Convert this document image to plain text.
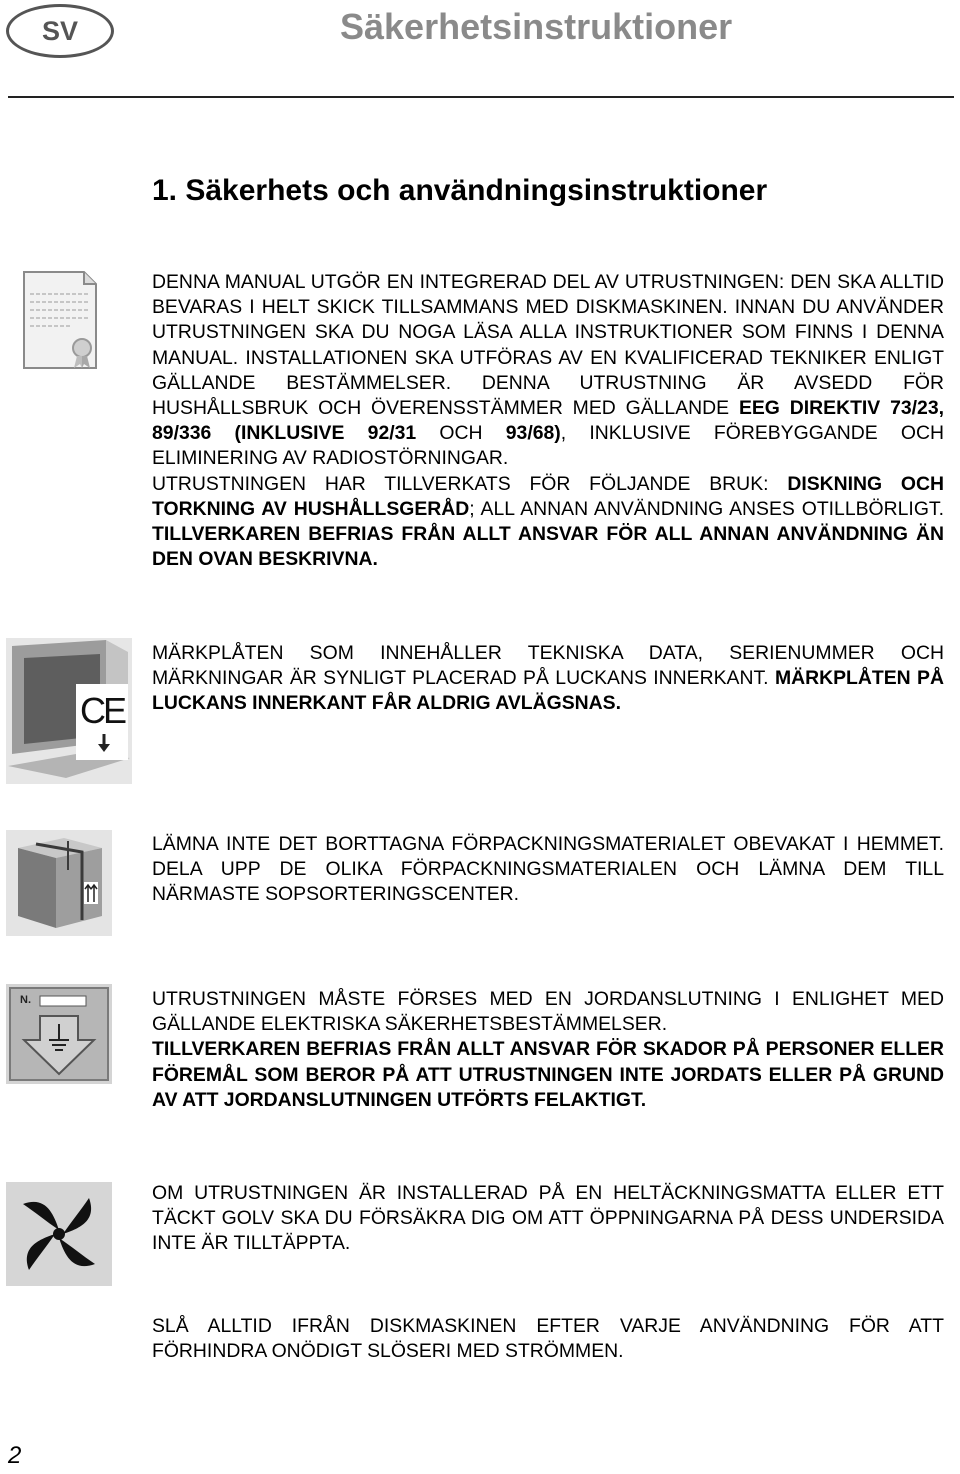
SV	Säkerhetsinstruktioner
1. Säkerhets och användningsinstruktioner

DENNA MANUAL UTGÖR EN INTEGRERAD DEL AV UTRUSTNINGEN: DEN SKA ALLTID BEVARAS I HELT SKICK TILLSAMMANS MED DISKMASKINEN. INNAN DU ANVÄNDER UTRUSTNINGEN SKA DU NOGA LÄSA ALLA INSTRUKTIONER SOM FINNS I DENNA MANUAL. INSTALLATIONEN SKA UTFÖRAS AV EN KVALIFICERAD TEKNIKER ENLIGT GÄLLANDE BESTÄMMELSER. DENNA UTRUSTNING ÄR AVSEDD FÖR HUSHÅLLSBRUK OCH ÖVERENSSTÄMMER MED GÄLLANDE EEG DIREKTIV 73/23, 89/336 (INKLUSIVE 92/31 OCH 93/68), INKLUSIVE FÖREBYGGANDE OCH ELIMINERING AV RADIOSTÖRNINGAR.
UTRUSTNINGEN HAR TILLVERKATS FÖR FÖLJANDE BRUK: DISKNING OCH TORKNING AV HUSHÅLLSGERÅD; ALL ANNAN ANVÄNDNING ANSES OTILLBÖRLIGT. TILLVERKAREN BEFRIAS FRÅN ALLT ANSVAR FÖR ALL ANNAN ANVÄNDNING ÄN DEN OVAN BESKRIVNA.

CE

MÄRKPLÅTEN SOM INNEHÅLLER TEKNISKA DATA, SERIENUMMER OCH MÄRKNINGAR ÄR SYNLIGT PLACERAD PÅ LUCKANS INNERKANT. MÄRKPLÅTEN PÅ LUCKANS INNERKANT FÅR ALDRIG AVLÄGSNAS.

LÄMNA INTE DET BORTTAGNA FÖRPACKNINGSMATERIALET OBEVAKAT I HEMMET. DELA UPP DE OLIKA FÖRPACKNINGSMATERIALEN OCH LÄMNA DEM TILL NÄRMASTE SOPSORTERINGSCENTER.

N.	UTRUSTNINGEN MÅSTE FÖRSES MED EN JORDANSLUTNING I ENLIGHET MED GÄLLANDE ELEKTRISKA SÄKERHETSBESTÄMMELSER.
TILLVERKAREN BEFRIAS FRÅN ALLT ANSVAR FÖR SKADOR PÅ PERSONER ELLER FÖREMÅL SOM BEROR PÅ ATT UTRUSTNINGEN INTE JORDATS ELLER PÅ GRUND AV ATT JORDANSLUTNINGEN UTFÖRTS FELAKTIGT.

OM UTRUSTNINGEN ÄR INSTALLERAD PÅ EN HELTÄCKNINGSMATTA ELLER ETT TÄCKT GOLV SKA DU FÖRSÄKRA DIG OM ATT ÖPPNINGARNA PÅ DESS UNDERSIDA INTE ÄR TILLTÄPPTA.

SLÅ ALLTID IFRÅN DISKMASKINEN EFTER VARJE ANVÄNDNING FÖR ATT FÖRHINDRA ONÖDIGT SLÖSERI MED STRÖMMEN.

2
